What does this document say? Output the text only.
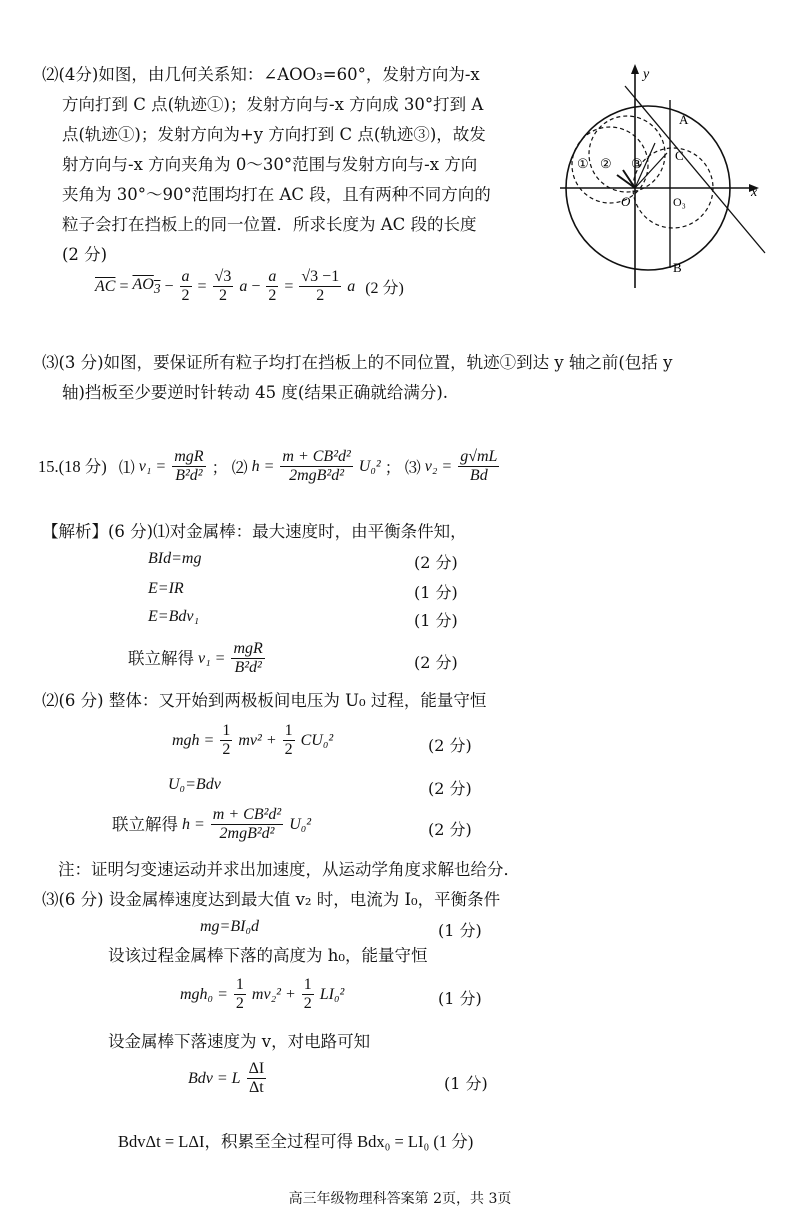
⑵(4分)如图，由几何关系知：∠AOO₃=60°，发射方向为-x
方向打到 C 点(轨迹①)；发射方向与-x 方向成 30°打到 A
点(轨迹①)；发射方向为+y 方向打到 C 点(轨迹③)，故发
射方向与-x 方向夹角为 0～30°范围与发射方向与-x 方向
夹角为 30°～90°范围均打在 AC 段，且有两种不同方向的
粒子会打在挡板上的同一位置．所求长度为 AC 段的长度
(2 分)
$\overline{AC} = AO_3 - \frac{a}{2} = \frac{√3}{2}$ $a - \frac{a}{2} = \frac{√3 -1}{2}$ a (2 分)
y
x
A
B
C
O	O₃
① ② ③
⑶(3 分)如图，要保证所有粒子均打在挡板上的不同位置，轨迹①到达 y 轴之前(包括 y
轴)挡板至少要逆时针转动 45 度(结果正确就给满分).
15.(18 分) ⑴ $v_1 = \frac{\text{mgR}}{\text{B²d²}}$ ； ⑵ $h = \frac{\text{m + CB²d²}}{\text{2mgB²d²}} U_0^2$ ； ⑶ $v_2 = \frac{g√mL}{Bd}$
【解析】(6 分)⑴对金属棒：最大速度时，由平衡条件知，
BId=mg	(2 分)
E=IR	(1 分)
E=Bdv₁	(1 分)
联立解得 $v_1 = \frac{\text{mgR}}{\text{B²d²}}$	(2 分)
⑵(6 分) 整体：又开始到两极板间电压为 U₀ 过程，能量守恒
mgh = $\frac{1}{2} mv^2 + \frac{1}{2} CU_0^2$	(2 分)
U₀=Bdv	(2 分)
联立解得 $h = \frac{\text{m + CB²d²}}{\text{2mgB²d²}} U_0^2$	(2 分)
注：证明匀变速运动并求出加速度，从运动学角度求解也给分．
⑶(6 分) 设金属棒速度达到最大值 v₂ 时，电流为 I₀，平衡条件
mg=BI₀d	(1 分)
设该过程金属棒下落的高度为 h₀，能量守恒
$mgh_0 = \frac{1}{2} mv_2^2 + \frac{1}{2} LI_0^2$	(1 分)
设金属棒下落速度为 v，对电路可知
Bdv = L $\frac{\Delta I}{\Delta t}$	(1 分)
BdvΔt = LΔI，积累至全过程可得 Bdx₀ = LI₀ (1 分)
高三年级物理科答案第 2页，共 3页
